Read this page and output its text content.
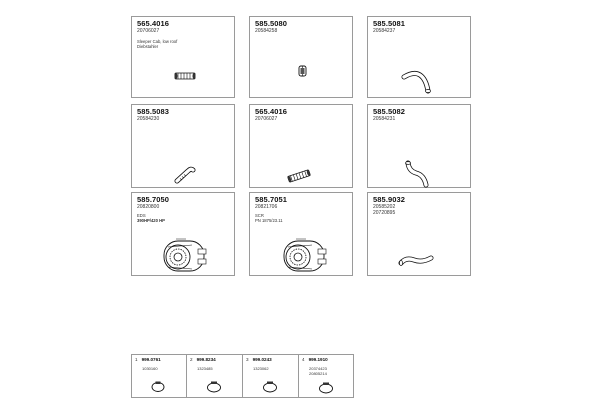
565.4016
20706027
Sleeper Cab, low roof
Diebstahler
585.5080
20584258
585.5081
20584237
585.5083
20584230
565.4016
20706027
585.5082
20584231
585.7050
20820800
EDS
390HP/420 HP
585.7051
20821706
SCR
PN 1875/23.11
585.9032
20585202
20720895
1 999.0761
1030160
2 999.8234
1323485
3 999.0243
1323062
4 999.1910
20374423
20805214
